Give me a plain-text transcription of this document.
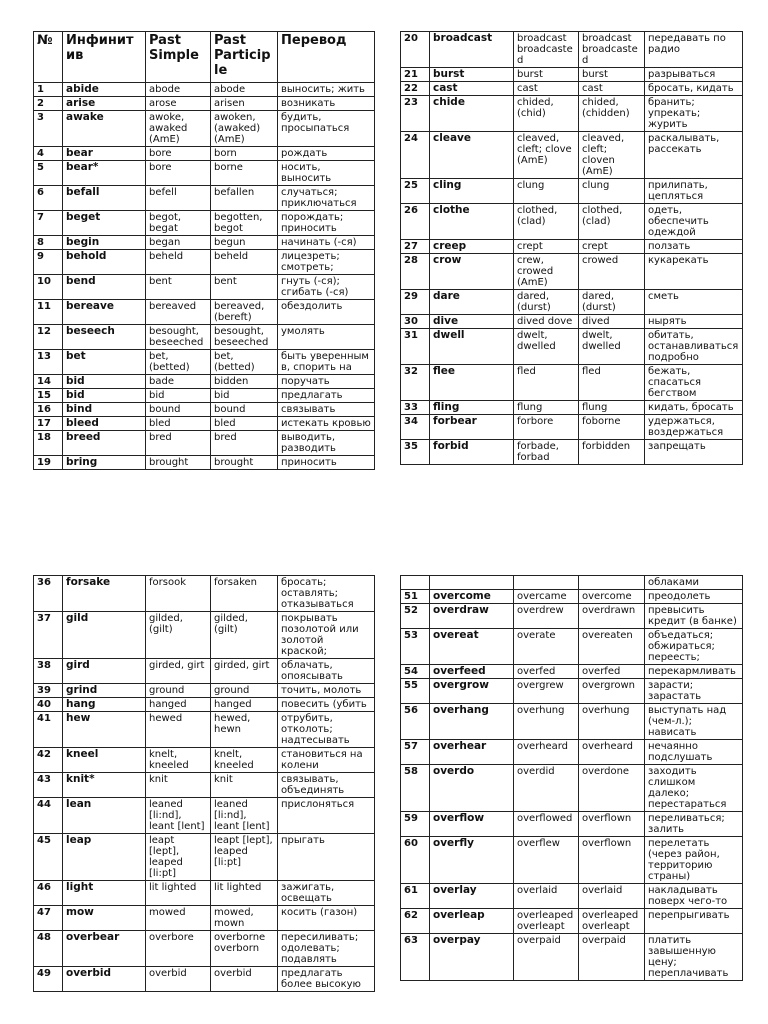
№	Инфинитив	Past Simple	Past Participle	Перевод
1	abide	abode	abode	выносить; жить
2	arise	arose	arisen	возникать
3	awake	awoke, awaked (AmE)	awoken, (awaked) (AmE)	будить, просыпаться
4	bear	bore	born	рождать
5	bear*	bore	borne	носить, выносить
6	befall	befell	befallen	случаться; приключаться
7	beget	begot, begat	begotten, begot	порождать; приносить
8	begin	began	begun	начинать (-ся)
9	behold	beheld	beheld	лицезреть; смотреть;
10	bend	bent	bent	гнуть (-ся); сгибать (-ся)
11	bereave	bereaved	bereaved, (bereft)	обездолить
12	beseech	besought, beseeched	besought, beseeched	умолять
13	bet	bet, (betted)	bet, (betted)	быть уверенным в, спорить на
14	bid	bade	bidden	поручать
15	bid	bid	bid	предлагать
16	bind	bound	bound	связывать
17	bleed	bled	bled	истекать кровью
18	breed	bred	bred	выводить, разводить
19	bring	brought	brought	приносить
20	broadcast	broadcast broadcasted	broadcast broadcasted	передавать по радио
21	burst	burst	burst	разрываться
22	cast	cast	cast	бросать, кидать
23	chide	chided, (chid)	chided, (chidden)	бранить; упрекать; журить
24	cleave	cleaved, cleft; clove (AmE)	cleaved, cleft; cloven (AmE)	раскалывать, рассекать
25	cling	clung	clung	прилипать, цепляться
26	clothe	clothed, (clad)	clothed, (clad)	одеть, обеспечить одеждой
27	creep	crept	crept	ползать
28	crow	crew, crowed (AmE)	crowed	кукарекать
29	dare	dared, (durst)	dared, (durst)	сметь
30	dive	dived dove	dived	нырять
31	dwell	dwelt, dwelled	dwelt, dwelled	обитать, останавливаться подробно
32	flee	fled	fled	бежать, спасаться бегством
33	fling	flung	flung	кидать, бросать
34	forbear	forbore	foborne	удержаться, воздержаться
35	forbid	forbade, forbad	forbidden	запрещать
36	forsake	forsook	forsaken	бросать; оставлять; отказываться
37	gild	gilded, (gilt)	gilded, (gilt)	покрывать позолотой или золотой краской;
38	gird	girded, girt	girded, girt	облачать, опоясывать
39	grind	ground	ground	точить, молоть
40	hang	hanged	hanged	повесить (убить
41	hew	hewed	hewed, hewn	отрубить, отколоть; надтесывать
42	kneel	knelt, kneeled	knelt, kneeled	становиться на колени
43	knit*	knit	knit	связывать, объединять
44	lean	leaned [li:nd], leant [lent]	leaned [li:nd], leant [lent]	прислоняться
45	leap	leapt [lept], leaped [li:pt]	leapt [lept], leaped [li:pt]	прыгать
46	light	lit lighted	lit lighted	зажигать, освещать
47	mow	mowed	mowed, mown	косить (газон)
48	overbear	overbore	overborne overborn	пересиливать; одолевать; подавлять
49	overbid	overbid	overbid	предлагать более высокую
				облаками
51	overcome	overcame	overcome	преодолеть
52	overdraw	overdrew	overdrawn	превысить кредит (в банке)
53	overeat	overate	overeaten	объедаться; обжираться; переесть;
54	overfeed	overfed	overfed	перекармливать
55	overgrow	overgrew	overgrown	зарасти; зарастать
56	overhang	overhung	overhung	выступать над (чем-л.); нависать
57	overhear	overheard	overheard	нечаянно подслушать
58	overdo	overdid	overdone	заходить слишком далеко; перестараться
59	overflow	overflowed	overflown	переливаться; залить
60	overfly	overflew	overflown	перелетать (через район, территорию страны)
61	overlay	overlaid	overlaid	накладывать поверх чего-то
62	overleap	overleaped overleapt	overleaped overleapt	перепрыгивать
63	overpay	overpaid	overpaid	платить завышенную цену; переплачивать
